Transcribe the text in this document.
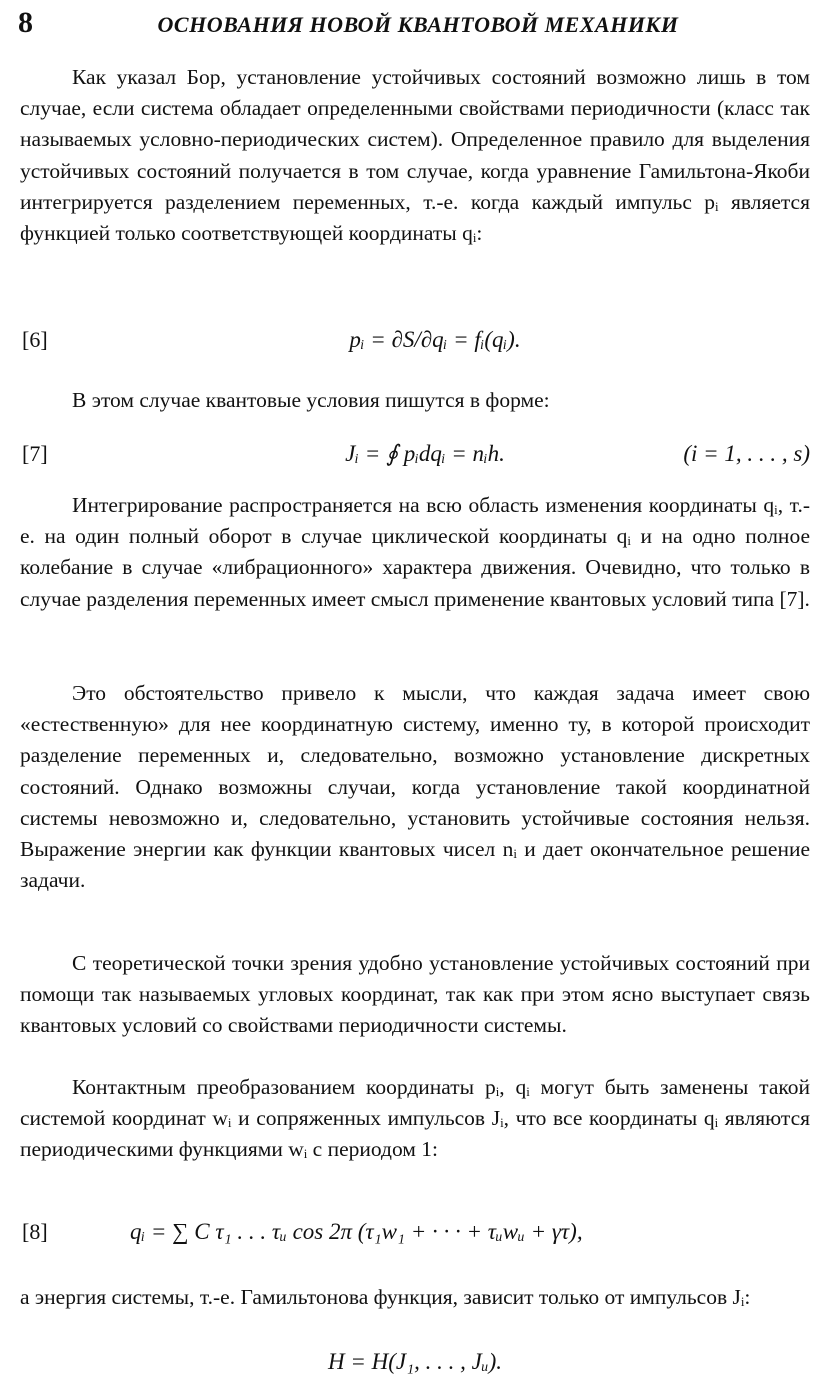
8	ОСНОВАНИЯ НОВОЙ КВАНТОВОЙ МЕХАНИКИ

Как указал Бор, установление устойчивых состояний возможно лишь в том случае, если система обладает определенными свойствами периодичности (класс так называемых условно-периодических систем). Определенное правило для выделения устойчивых состояний получается в том случае, когда уравнение Гамильтона-Якоби интегрируется разделением переменных, т.-е. когда каждый импульс pᵢ является функцией только соответствующей координаты qᵢ:

[6]	pᵢ = ∂S/∂qᵢ = fᵢ(qᵢ).

В этом случае квантовые условия пишутся в форме:

[7]	Jᵢ = ∮ pᵢdqᵢ = nᵢh.	(i = 1, . . . , s)

Интегрирование распространяется на всю область изменения координаты qᵢ, т.-е. на один полный оборот в случае циклической координаты qᵢ и на одно полное колебание в случае «либрационного» характера движения. Очевидно, что только в случае разделения переменных имеет смысл применение квантовых условий типа [7].

Это обстоятельство привело к мысли, что каждая задача имеет свою «естественную» для нее координатную систему, именно ту, в которой происходит разделение переменных и, следовательно, возможно установление дискретных состояний. Однако возможны случаи, когда установление такой координатной системы невозможно и, следовательно, установить устойчивые состояния нельзя. Выражение энергии как функции квантовых чисел nᵢ и дает окончательное решение задачи.

С теоретической точки зрения удобно установление устойчивых состояний при помощи так называемых угловых координат, так как при этом ясно выступает связь квантовых условий со свойствами периодичности системы.

Контактным преобразованием координаты pᵢ, qᵢ могут быть заменены такой системой координат wᵢ и сопряженных импульсов Jᵢ, что все координаты qᵢ являются периодическими функциями wᵢ с периодом 1:

[8]	qᵢ = ∑ C τ₁ . . . τᵤ cos 2π (τ₁w₁ + · · · + τᵤwᵤ + γτ),

а энергия системы, т.-е. Гамильтонова функция, зависит только от импульсов Jᵢ:

H = H(J₁, . . . , Jᵤ).
